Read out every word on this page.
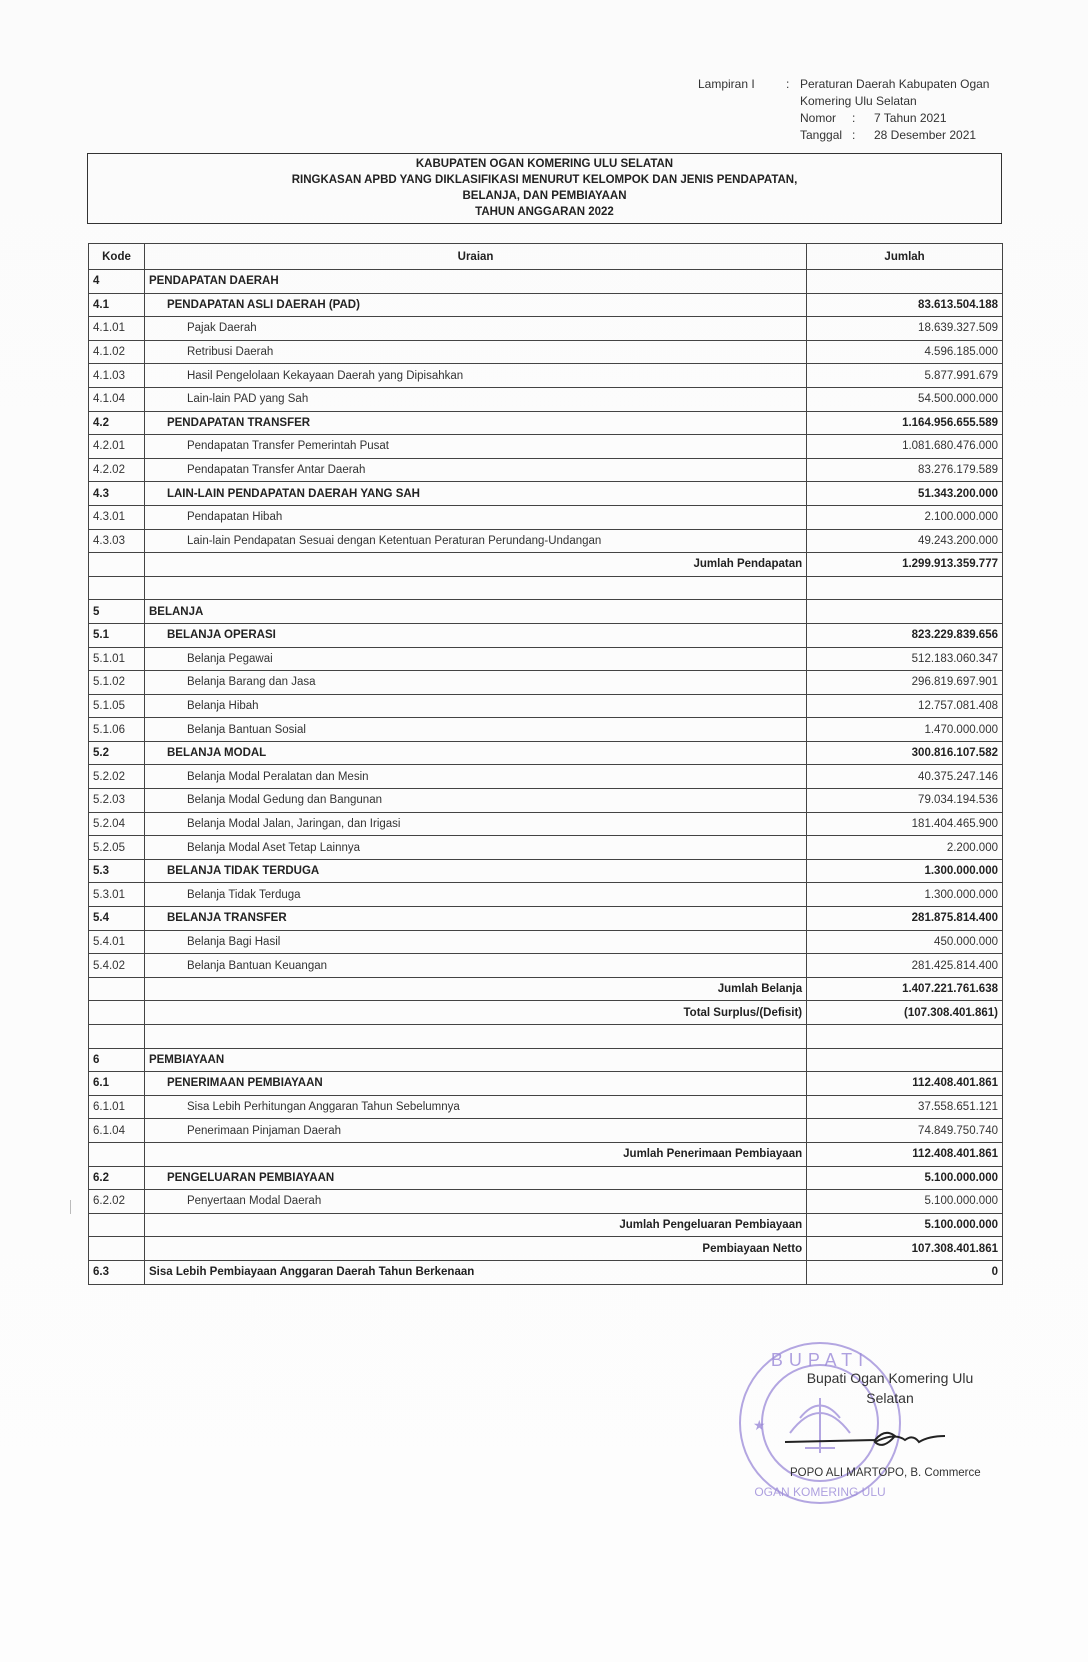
Lampiran I	: Peraturan Daerah Kabupaten Ogan
Komering Ulu Selatan
Nomor	:	7 Tahun 2021
Tanggal :	28 Desember 2021
KABUPATEN OGAN KOMERING ULU SELATAN
RINGKASAN APBD YANG DIKLASIFIKASI MENURUT KELOMPOK DAN JENIS PENDAPATAN,
BELANJA, DAN PEMBIAYAAN
TAHUN ANGGARAN 2022
Kode	Uraian	Jumlah
4	PENDAPATAN DAERAH	
4.1	PENDAPATAN ASLI DAERAH (PAD)	83.613.504.188
4.1.01	Pajak Daerah	18.639.327.509
4.1.02	Retribusi Daerah	4.596.185.000
4.1.03	Hasil Pengelolaan Kekayaan Daerah yang Dipisahkan	5.877.991.679
4.1.04	Lain-lain PAD yang Sah	54.500.000.000
4.2	PENDAPATAN TRANSFER	1.164.956.655.589
4.2.01	Pendapatan Transfer Pemerintah Pusat	1.081.680.476.000
4.2.02	Pendapatan Transfer Antar Daerah	83.276.179.589
4.3	LAIN-LAIN PENDAPATAN DAERAH YANG SAH	51.343.200.000
4.3.01	Pendapatan Hibah	2.100.000.000
4.3.03	Lain-lain Pendapatan Sesuai dengan Ketentuan Peraturan Perundang-Undangan	49.243.200.000
	Jumlah Pendapatan	1.299.913.359.777

5	BELANJA	
5.1	BELANJA OPERASI	823.229.839.656
5.1.01	Belanja Pegawai	512.183.060.347
5.1.02	Belanja Barang dan Jasa	296.819.697.901
5.1.05	Belanja Hibah	12.757.081.408
5.1.06	Belanja Bantuan Sosial	1.470.000.000
5.2	BELANJA MODAL	300.816.107.582
5.2.02	Belanja Modal Peralatan dan Mesin	40.375.247.146
5.2.03	Belanja Modal Gedung dan Bangunan	79.034.194.536
5.2.04	Belanja Modal Jalan, Jaringan, dan Irigasi	181.404.465.900
5.2.05	Belanja Modal Aset Tetap Lainnya	2.200.000
5.3	BELANJA TIDAK TERDUGA	1.300.000.000
5.3.01	Belanja Tidak Terduga	1.300.000.000
5.4	BELANJA TRANSFER	281.875.814.400
5.4.01	Belanja Bagi Hasil	450.000.000
5.4.02	Belanja Bantuan Keuangan	281.425.814.400
	Jumlah Belanja	1.407.221.761.638
	Total Surplus/(Defisit)	(107.308.401.861)

6	PEMBIAYAAN	
6.1	PENERIMAAN PEMBIAYAAN	112.408.401.861
6.1.01	Sisa Lebih Perhitungan Anggaran Tahun Sebelumnya	37.558.651.121
6.1.04	Penerimaan Pinjaman Daerah	74.849.750.740
	Jumlah Penerimaan Pembiayaan	112.408.401.861
6.2	PENGELUARAN PEMBIAYAAN	5.100.000.000
6.2.02	Penyertaan Modal Daerah	5.100.000.000
	Jumlah Pengeluaran Pembiayaan	5.100.000.000
	Pembiayaan Netto	107.308.401.861
6.3	Sisa Lebih Pembiayaan Anggaran Daerah Tahun Berkenaan	0
BUPATI
OGAN KOMERING ULU
★
Bupati Ogan Komering Ulu
Selatan
POPO ALI MARTOPO, B. Commerce
